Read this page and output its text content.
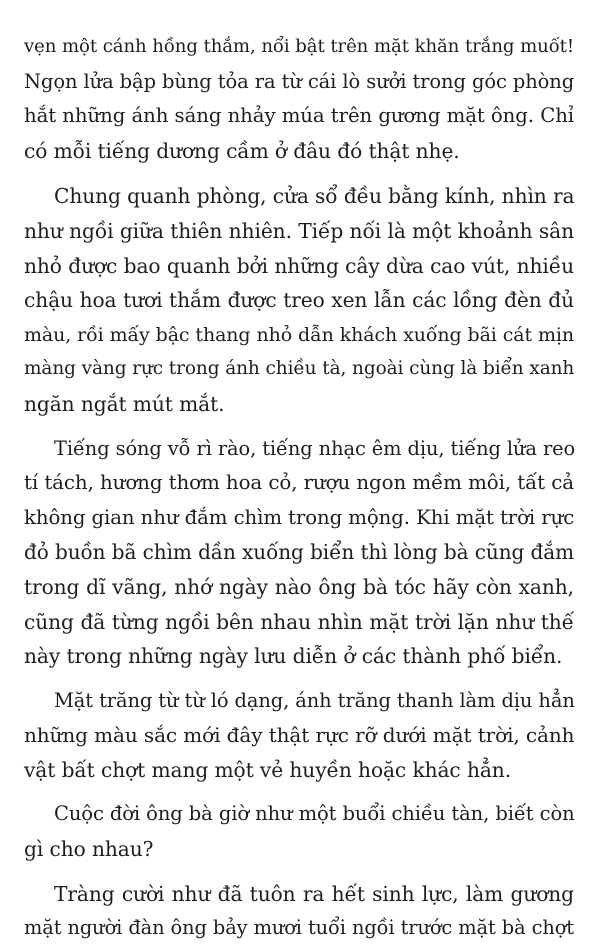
vẹn một cánh hồng thắm, nổi bật trên mặt khăn trắng muốt!
Ngọn lửa bập bùng tỏa ra từ cái lò sưởi trong góc phòng
hắt những ánh sáng nhảy múa trên gương mặt ông. Chỉ
có mỗi tiếng dương cầm ở đâu đó thật nhẹ.

Chung quanh phòng, cửa sổ đều bằng kính, nhìn ra
như ngồi giữa thiên nhiên. Tiếp nối là một khoảnh sân
nhỏ được bao quanh bởi những cây dừa cao vút, nhiều
chậu hoa tươi thắm được treo xen lẫn các lồng đèn đủ
màu, rồi mấy bậc thang nhỏ dẫn khách xuống bãi cát mịn
màng vàng rực trong ánh chiều tà, ngoài cùng là biển xanh
ngăn ngắt mút mắt.

Tiếng sóng vỗ rì rào, tiếng nhạc êm dịu, tiếng lửa reo
tí tách, hương thơm hoa cỏ, rượu ngon mềm môi, tất cả
không gian như đắm chìm trong mộng. Khi mặt trời rực
đỏ buồn bã chìm dần xuống biển thì lòng bà cũng đắm
trong dĩ vãng, nhớ ngày nào ông bà tóc hãy còn xanh,
cũng đã từng ngồi bên nhau nhìn mặt trời lặn như thế
này trong những ngày lưu diễn ở các thành phố biển.

Mặt trăng từ từ ló dạng, ánh trăng thanh làm dịu hẳn
những màu sắc mới đây thật rực rỡ dưới mặt trời, cảnh
vật bất chợt mang một vẻ huyền hoặc khác hẳn.

Cuộc đời ông bà giờ như một buổi chiều tàn, biết còn
gì cho nhau?

Tràng cười như đã tuôn ra hết sinh lực, làm gương
mặt người đàn ông bảy mươi tuổi ngồi trước mặt bà chợt
